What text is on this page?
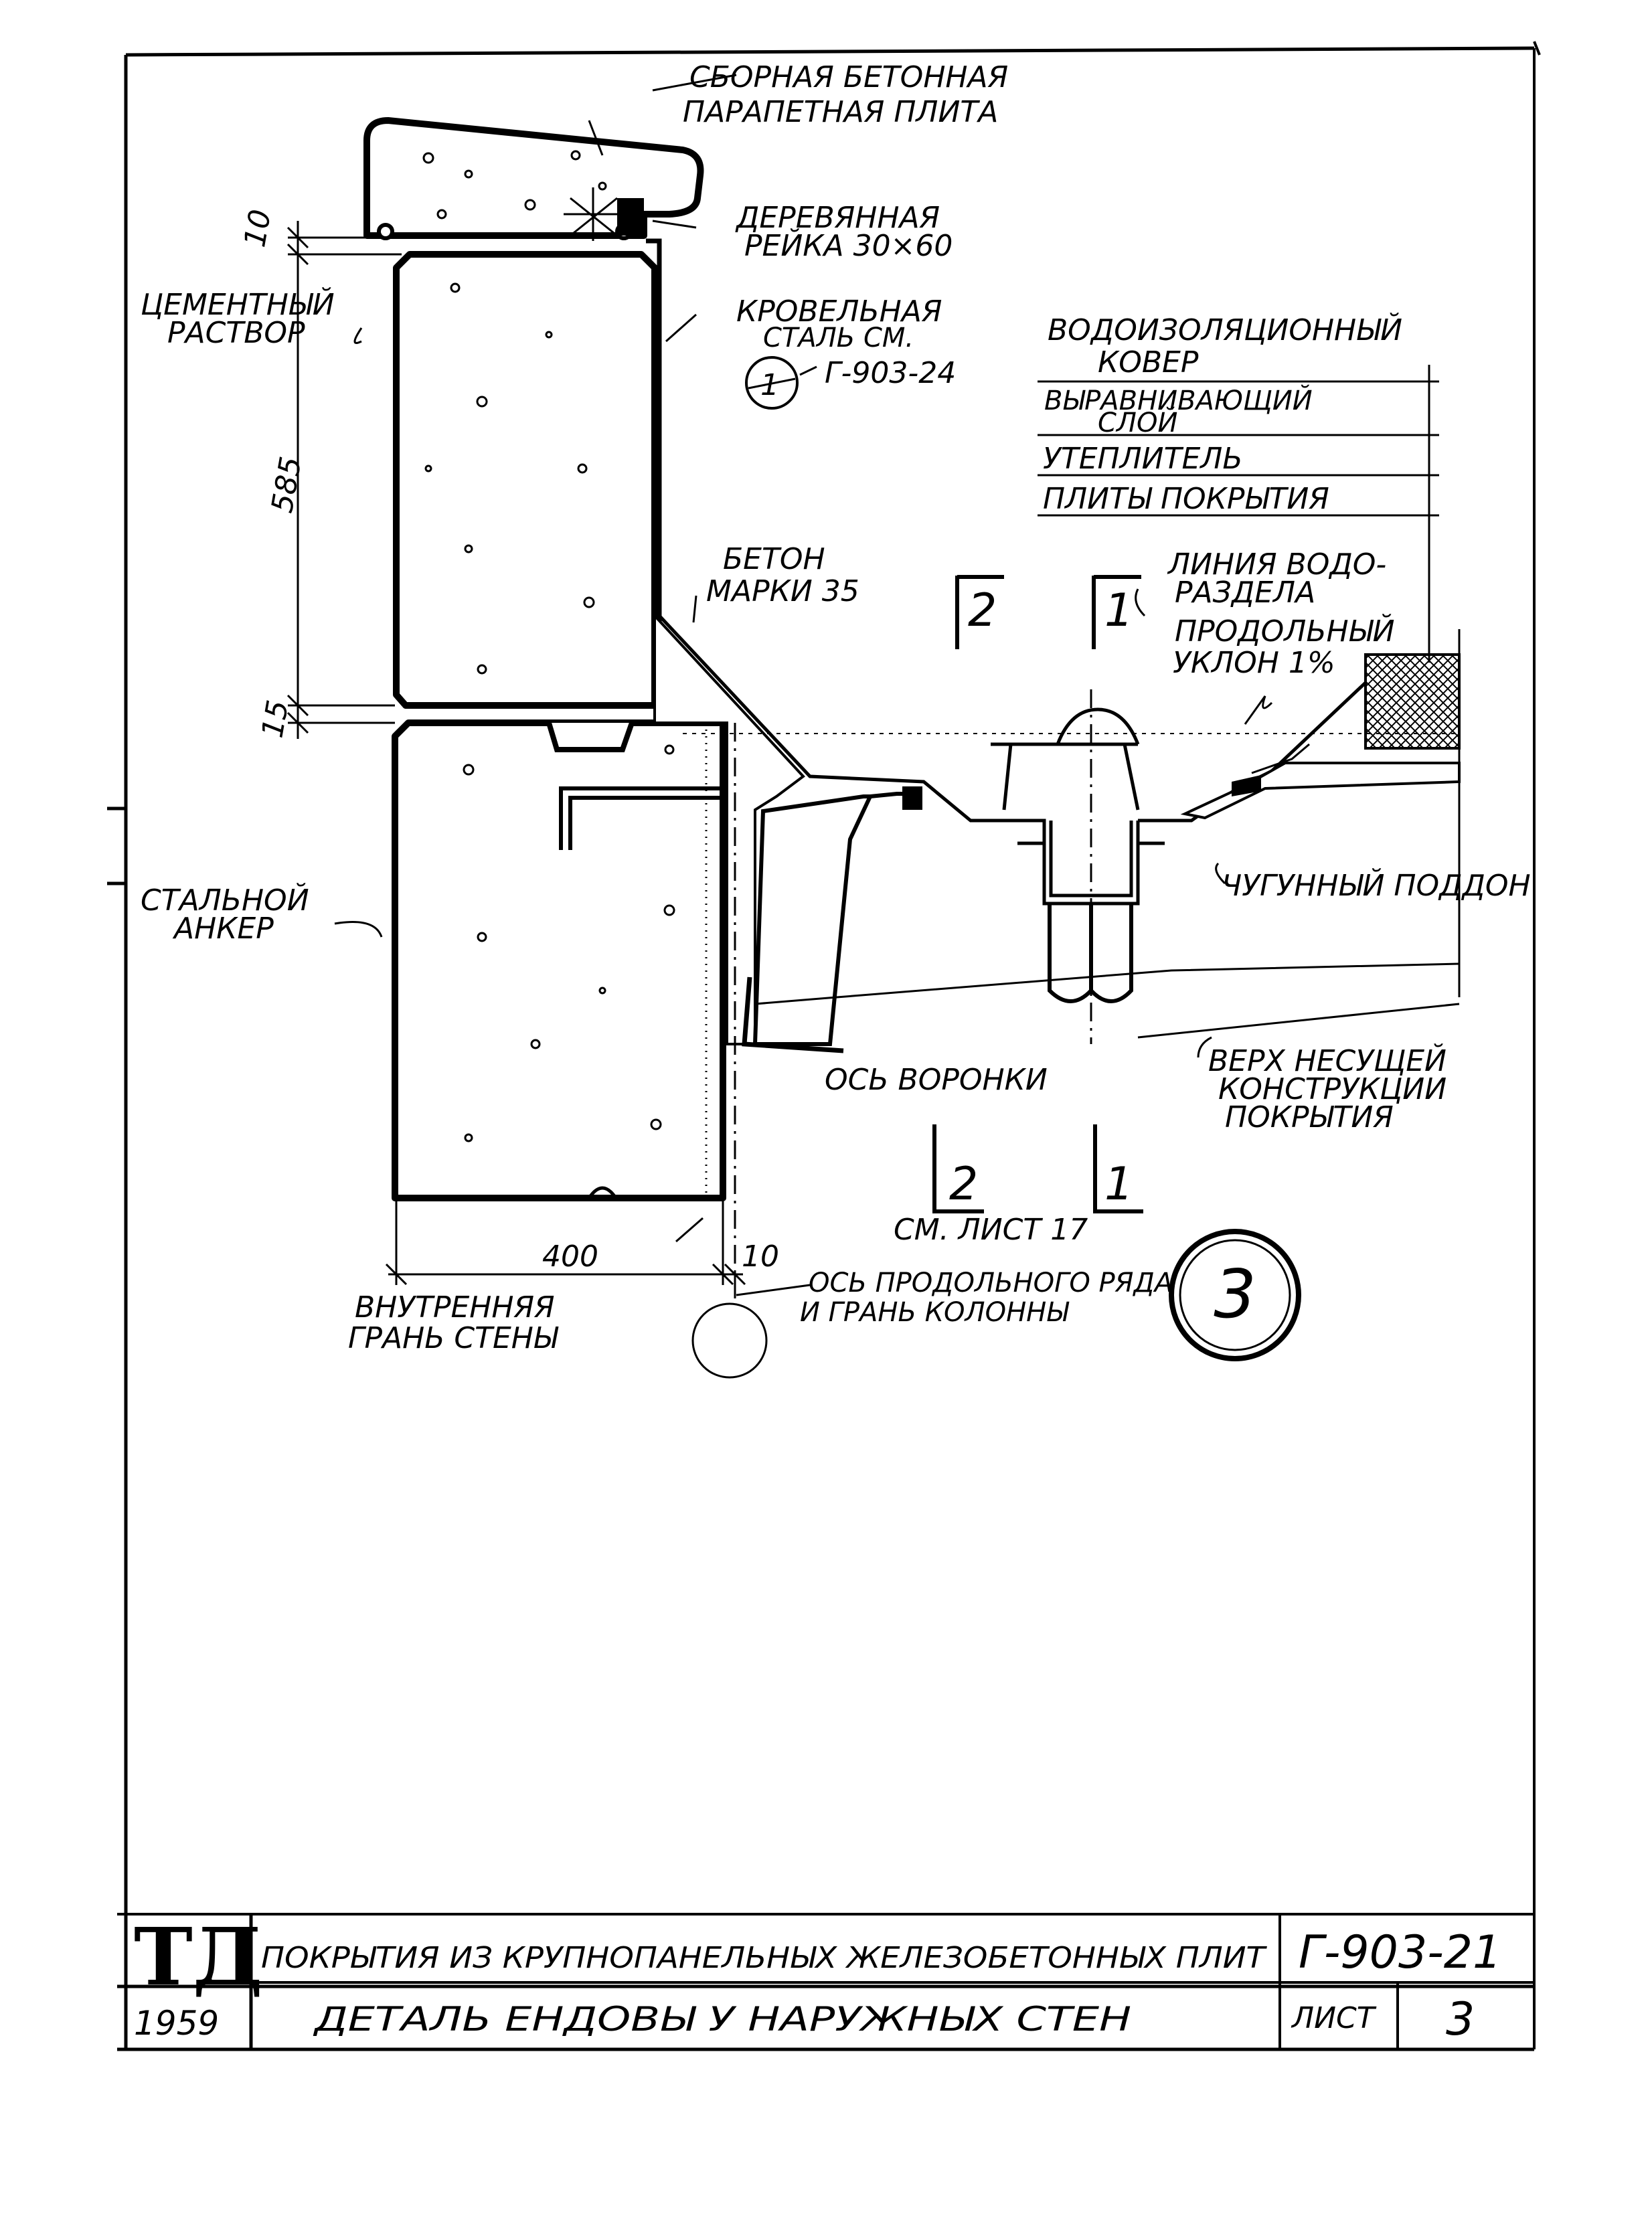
3
1
СБОРНАЯ БЕТОННАЯ
ПАРАПЕТНАЯ ПЛИТА
ДЕРЕВЯННАЯ
РЕЙКА 30×60
ЦЕМЕНТНЫЙ
РАСТВОР
КРОВЕЛЬНАЯ
СТАЛЬ СМ.
Г-903-24
ВОДОИЗОЛЯЦИОННЫЙ
КОВЕР
ВЫРАВНИВАЮЩИЙ
СЛОЙ
УТЕПЛИТЕЛЬ
ПЛИТЫ ПОКРЫТИЯ
БЕТОН
МАРКИ 35
ЛИНИЯ ВОДО-
РАЗДЕЛА
ПРОДОЛЬНЫЙ
УКЛОН 1%
СТАЛЬНОЙ
АНКЕР
ЧУГУННЫЙ ПОДДОН
ОСЬ ВОРОНКИ
ВЕРХ НЕСУЩЕЙ
КОНСТРУКЦИИ
ПОКРЫТИЯ
ВНУТРЕННЯЯ
ГРАНЬ СТЕНЫ
ОСЬ ПРОДОЛЬНОГО РЯДА
И ГРАНЬ КОЛОННЫ
СМ. ЛИСТ 17
2 1
2	1
10
585
15
400	10
ТД
1959
ПОКРЫТИЯ ИЗ КРУПНОПАНЕЛЬНЫХ ЖЕЛЕЗОБЕТОННЫХ ПЛИТ Г-903-21
ДЕТАЛЬ ЕНДОВЫ У НАРУЖНЫХ СТЕН	ЛИСТ 3
